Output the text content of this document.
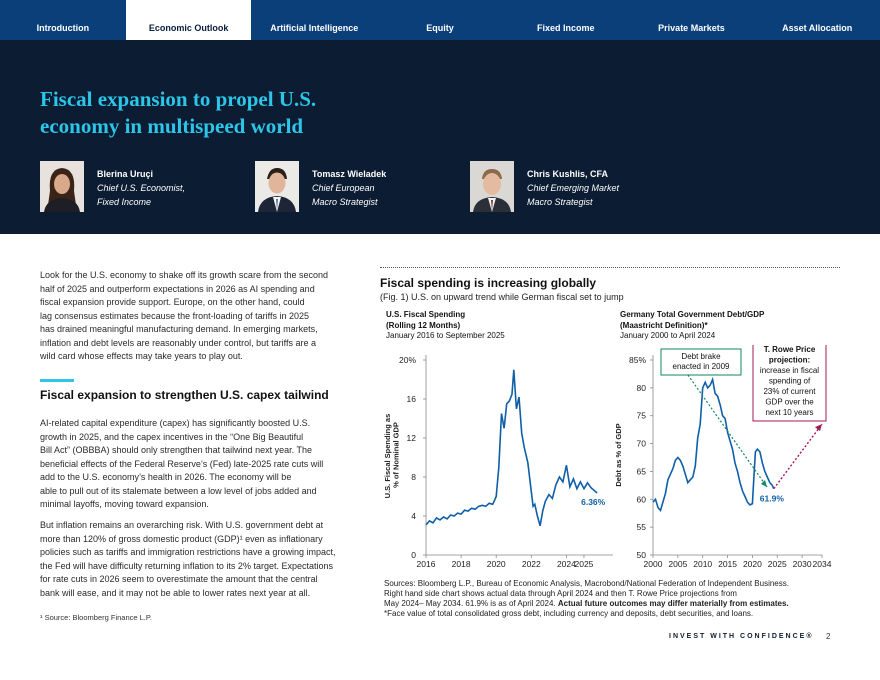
Introduction	Economic Outlook	Artificial Intelligence	Equity	Fixed Income	Private Markets	Asset Allocation
Fiscal expansion to propel U.S.
economy in multispeed world
Blerina Uruçi
Chief U.S. Economist,
Fixed Income
Tomasz Wieladek
Chief European
Macro Strategist
Chris Kushlis, CFA
Chief Emerging Market
Macro Strategist
Look for the U.S. economy to shake off its growth scare from the second
half of 2025 and outperform expectations in 2026 as AI spending and
fiscal expansion provide support. Europe, on the other hand, could
lag consensus estimates because the front-loading of tariffs in 2025
has drained meaningful manufacturing demand. In emerging markets,
inflation and debt levels are reasonably under control, but tariffs are a
wild card whose effects may take years to play out.
Fiscal expansion to strengthen U.S. capex tailwind
AI-related capital expenditure (capex) has significantly boosted U.S.
growth in 2025, and the capex incentives in the “One Big Beautiful
Bill Act” (OBBBA) should only strengthen that tailwind next year. The
beneficial effects of the Federal Reserve’s (Fed) late-2025 rate cuts will
add to the U.S. economy’s health in 2026. The economy will be
able to pull out of its stalemate between a low level of jobs added and
minimal layoffs, moving toward expansion.
But inflation remains an overarching risk. With U.S. government debt at
more than 120% of gross domestic product (GDP)¹ even as inflationary
policies such as tariffs and immigration restrictions have a growing impact,
the Fed will have difficulty returning inflation to its 2% target. Expectations
for rate cuts in 2026 seem to overestimate the amount that the central
bank will ease, and it may not be able to lower rates next year at all.
¹ Source: Bloomberg Finance L.P.
Fiscal spending is increasing globally
(Fig. 1) U.S. on upward trend while German fiscal set to jump
U.S. Fiscal Spending
(Rolling 12 Months)
January 2016 to September 2025
Germany Total Government Debt/GDP
(Maastricht Definition)*
January 2000 to April 2024
0
4
8
12
16
20%
2016 2018 2020 2022 2024
2025
6.36%
U.S. Fiscal Spending as % of Nominal GDP
50
55
60
65
70
75
80
85%
Debt as % of GDP
2000 2005 2010 2015 2020 2025 2030 2034
61.9%
Debt brake
enacted in 2009
T. Rowe Price
projection:
increase in fiscal
spending of
23% of current
GDP over the
next 10 years
Sources: Bloomberg L.P., Bureau of Economic Analysis, Macrobond/National Federation of Independent Business.
Right hand side chart shows actual data through April 2024 and then T. Rowe Price projections from
May 2024– May 2034. 61.9% is as of April 2024. Actual future outcomes may differ materially from estimates.
*Face value of total consolidated gross debt, including currency and deposits, debt securities, and loans.
INVEST WITH CONFIDENCE® 2
